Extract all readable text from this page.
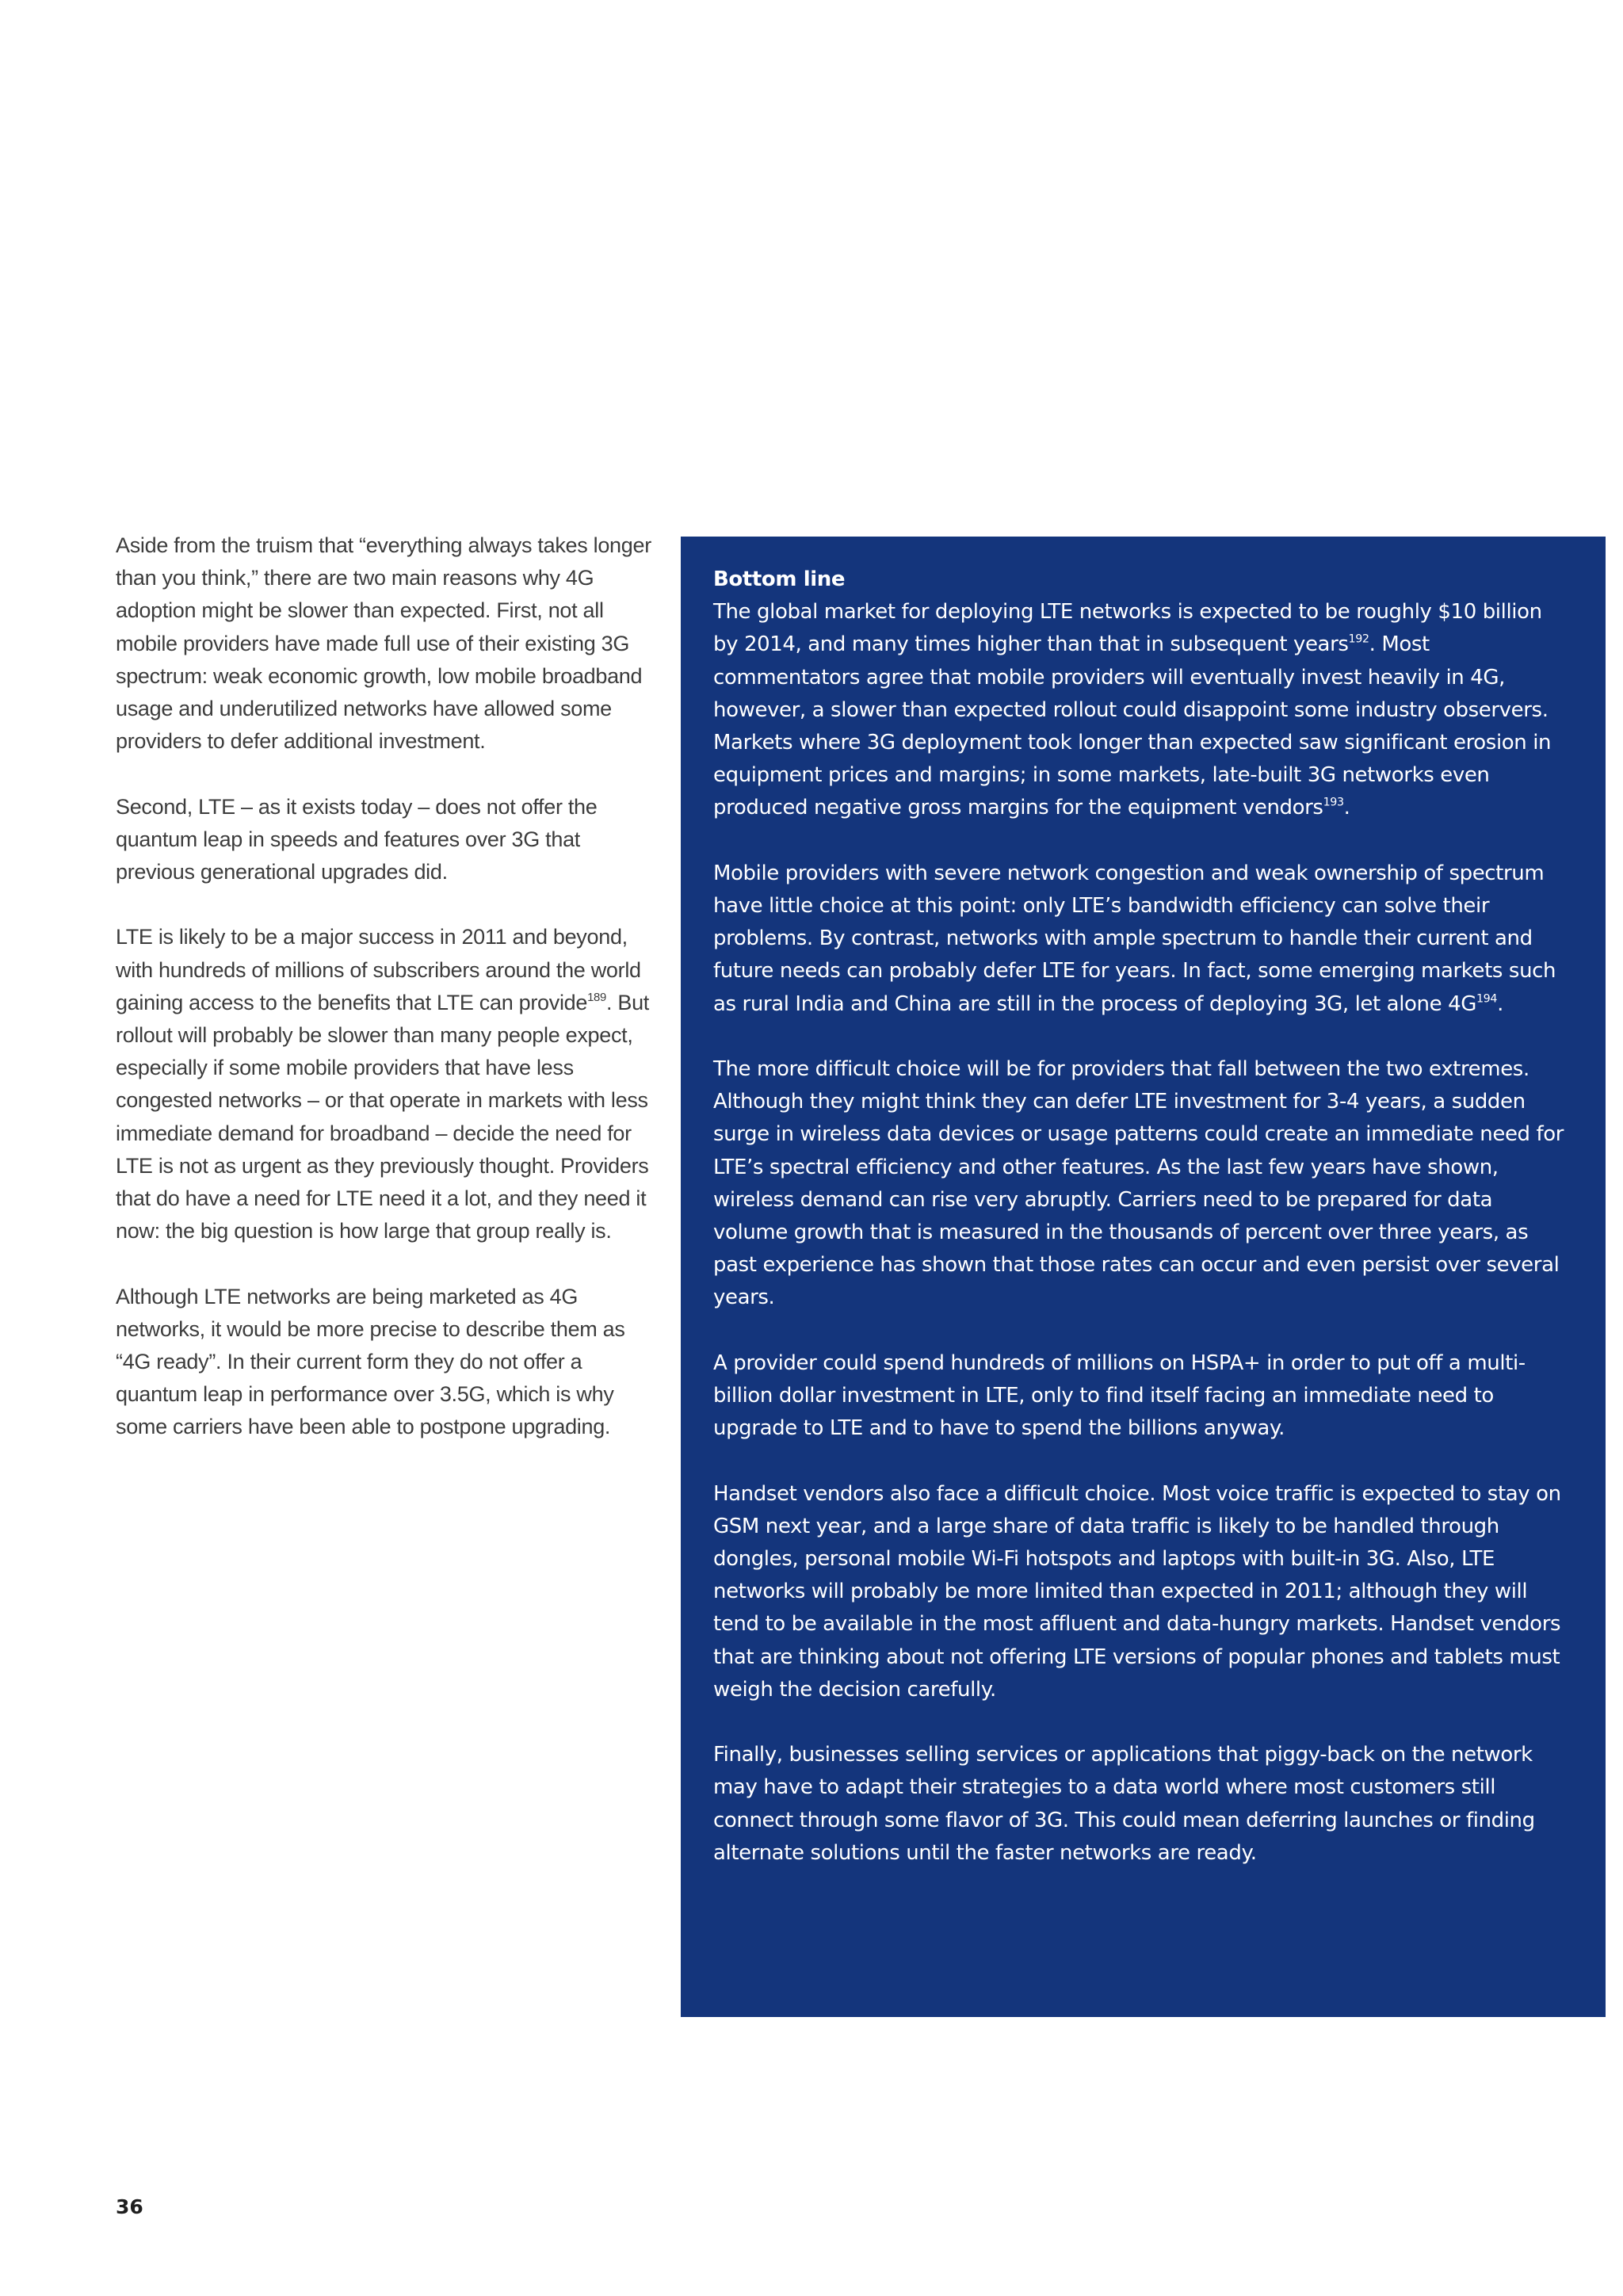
Aside from the truism that “everything always takes longer than you think,” there are two main reasons why 4G adoption might be slower than expected. First, not all mobile providers have made full use of their existing 3G spectrum: weak economic growth, low mobile broadband usage and underutilized networks have allowed some providers to defer additional investment.

Second, LTE – as it exists today – does not offer the quantum leap in speeds and features over 3G that previous generational upgrades did.

LTE is likely to be a major success in 2011 and beyond, with hundreds of millions of subscribers around the world gaining access to the benefits that LTE can provide$^{189}$. But rollout will probably be slower than many people expect, especially if some mobile providers that have less congested networks – or that operate in markets with less immediate demand for broadband – decide the need for LTE is not as urgent as they previously thought. Providers that do have a need for LTE need it a lot, and they need it now: the big question is how large that group really is.

Although LTE networks are being marketed as 4G networks, it would be more precise to describe them as “4G ready”. In their current form they do not offer a quantum leap in performance over 3.5G, which is why some carriers have been able to postpone upgrading.

Bottom line

The global market for deploying LTE networks is expected to be roughly $10 billion by 2014, and many times higher than that in subsequent years$^{192}$. Most commentators agree that mobile providers will eventually invest heavily in 4G, however, a slower than expected rollout could disappoint some industry observers. Markets where 3G deployment took longer than expected saw significant erosion in equipment prices and margins; in some markets, late-built 3G networks even produced negative gross margins for the equipment vendors$^{193}$.

Mobile providers with severe network congestion and weak ownership of spectrum have little choice at this point: only LTE’s bandwidth efficiency can solve their problems. By contrast, networks with ample spectrum to handle their current and future needs can probably defer LTE for years. In fact, some emerging markets such as rural India and China are still in the process of deploying 3G, let alone $4G^{194}$.

The more difficult choice will be for providers that fall between the two extremes. Although they might think they can defer LTE investment for 3-4 years, a sudden surge in wireless data devices or usage patterns could create an immediate need for LTE’s spectral efficiency and other features. As the last few years have shown, wireless demand can rise very abruptly. Carriers need to be prepared for data volume growth that is measured in the thousands of percent over three years, as past experience has shown that those rates can occur and even persist over several years.

A provider could spend hundreds of millions on HSPA+ in order to put off a multi-billion dollar investment in LTE, only to find itself facing an immediate need to upgrade to LTE and to have to spend the billions anyway.

Handset vendors also face a difficult choice. Most voice traffic is expected to stay on GSM next year, and a large share of data traffic is likely to be handled through dongles, personal mobile Wi-Fi hotspots and laptops with built-in 3G. Also, LTE networks will probably be more limited than expected in 2011; although they will tend to be available in the most affluent and data-hungry markets. Handset vendors that are thinking about not offering LTE versions of popular phones and tablets must weigh the decision carefully.

Finally, businesses selling services or applications that piggy-back on the network may have to adapt their strategies to a data world where most customers still connect through some flavor of 3G. This could mean deferring launches or finding alternate solutions until the faster networks are ready.

36
